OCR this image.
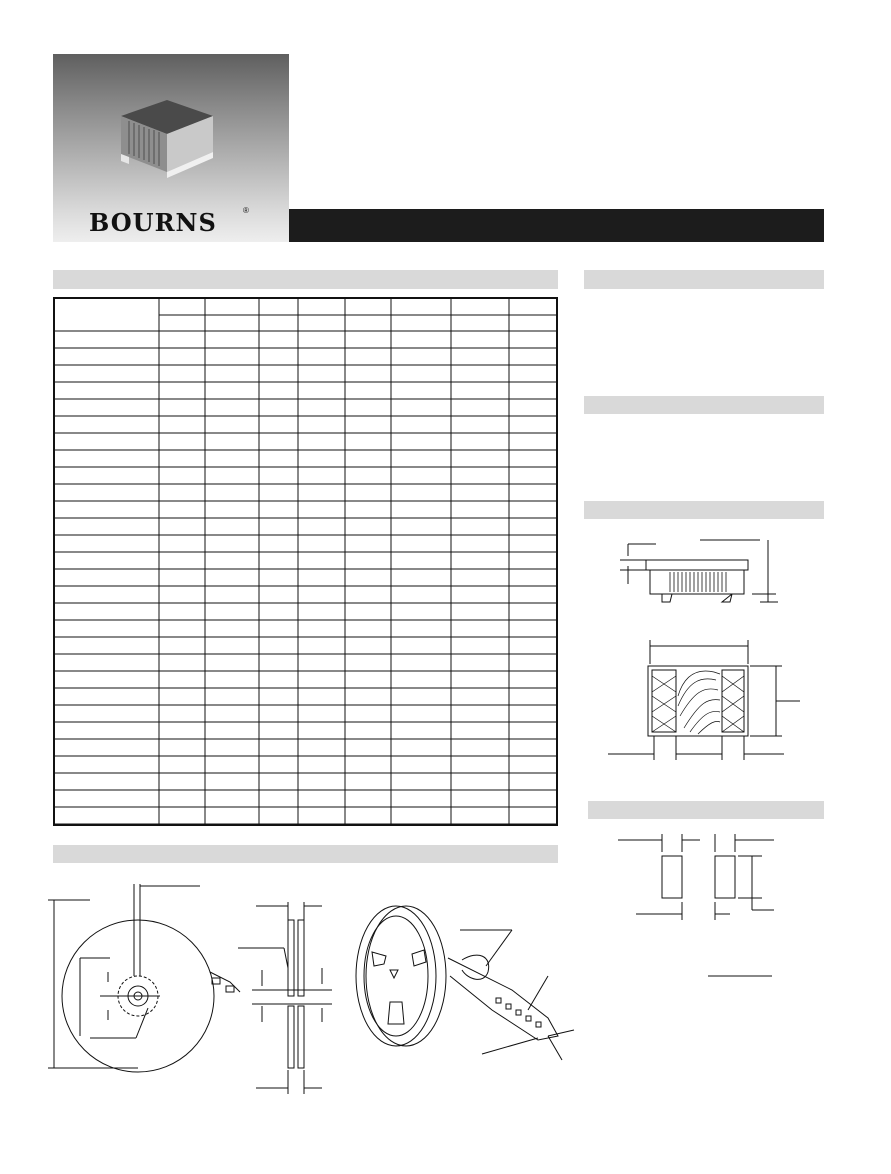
BOURNS	®
